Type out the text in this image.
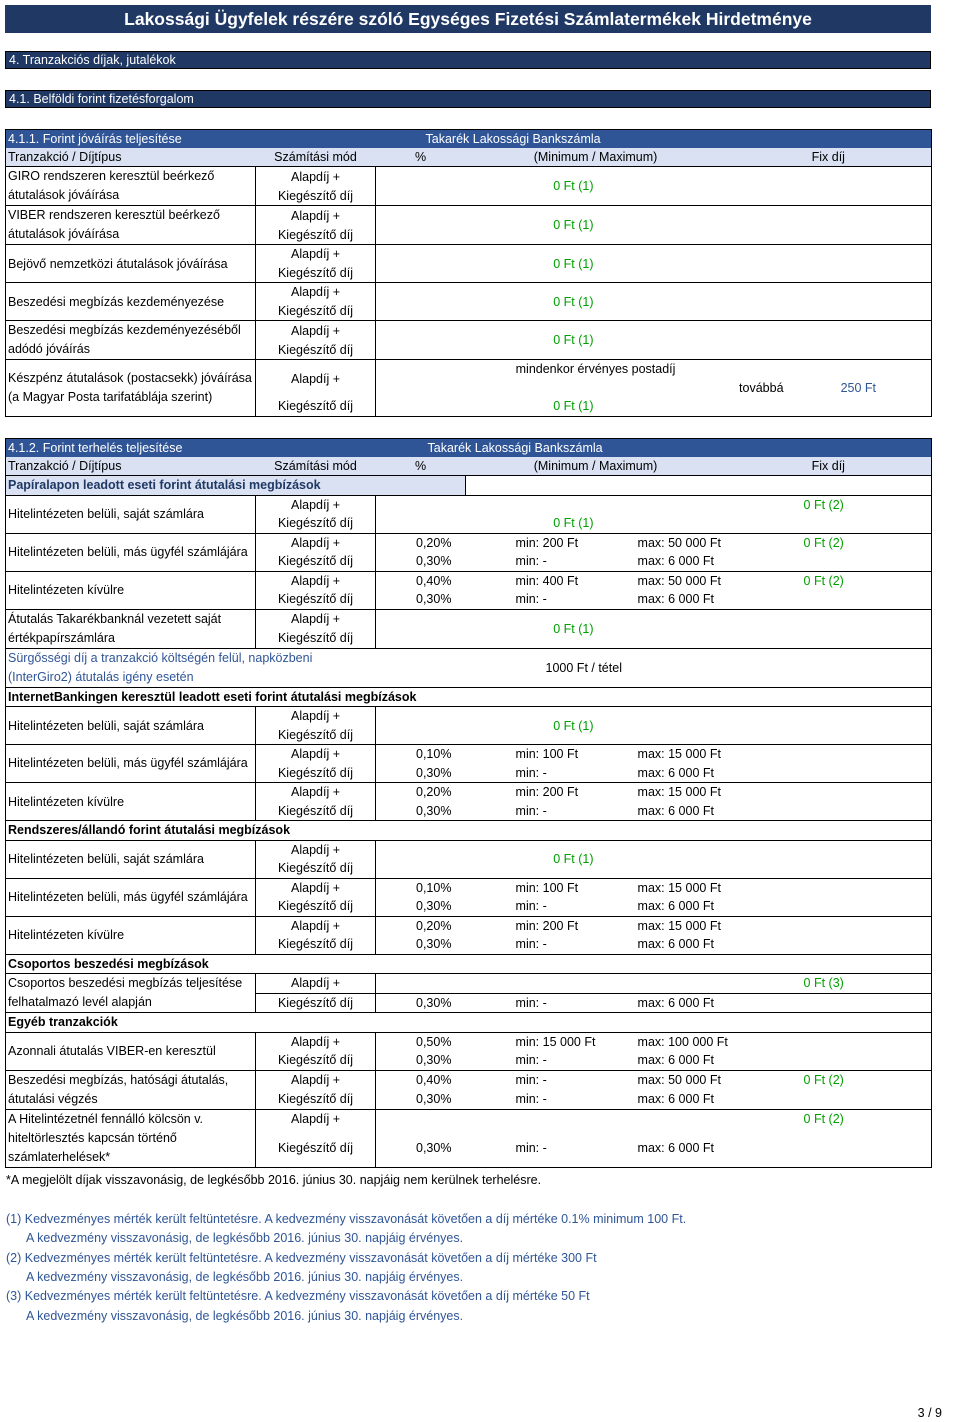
Lakossági Ügyfelek részére szóló Egységes Fizetési Számlatermékek Hirdetménye
4. Tranzakciós díjak, jutalékok
4.1. Belföldi forint fizetésforgalom
4.1.1. Forint jóváírás teljesítése			Takarék Lakossági Bankszámla			
Tranzakció / Díjtípus	Számítási mód	%	(Minimum / Maximum)		Fix díj	
GIRO rendszeren keresztül beérkező átutalások jóváírása	Alapdíj +	0 Ft (1)				
	Kiegészítő díj					
VIBER rendszeren keresztül beérkező átutalások jóváírása	Alapdíj +	0 Ft (1)				
	Kiegészítő díj					
Bejövő nemzetközi átutalások jóváírása	Alapdíj +	0 Ft (1)				
	Kiegészítő díj					
Beszedési megbízás kezdeményezése	Alapdíj +	0 Ft (1)				
	Kiegészítő díj					
Beszedési megbízás kezdeményezéséből adódó jóváírás	Alapdíj +	0 Ft (1)				
	Kiegészítő díj					
Készpénz átutalások (postacsekk) jóváírása (a Magyar Posta tarifatáblája szerint)	Alapdíj +		mindenkor érvényes postadíj			
					továbbá	250 Ft
	Kiegészítő díj	0 Ft (1)				
4.1.2. Forint terhelés teljesítése			Takarék Lakossági Bankszámla			
Tranzakció / Díjtípus	Számítási mód	%	(Minimum / Maximum)		Fix díj	
Papíralapon leadott eseti forint átutalási megbízások						
Hitelintézeten belüli, saját számlára	Alapdíj +					0 Ft (2)
	Kiegészítő díj	0 Ft (1)				
Hitelintézeten belüli, más ügyfél számlájára	Alapdíj +	0,20%	min: 200 Ft	max: 50 000 Ft		0 Ft (2)
	Kiegészítő díj	0,30%	min: -	max: 6 000 Ft		
Hitelintézeten kívülre	Alapdíj +	0,40%	min: 400 Ft	max: 50 000 Ft		0 Ft (2)
	Kiegészítő díj	0,30%	min: -	max: 6 000 Ft		
Átutalás Takarékbanknál vezetett saját értékpapírszámlára	Alapdíj +	0 Ft (1)				
	Kiegészítő díj					
Sürgősségi díj a tranzakció költségén felül, napközbeni (InterGiro2) átutalás igény esetén			1000 Ft / tétel			

InternetBankingen keresztül leadott eseti forint átutalási megbízások						
Hitelintézeten belüli, saját számlára	Alapdíj +	0 Ft (1)				
	Kiegészítő díj					
Hitelintézeten belüli, más ügyfél számlájára	Alapdíj +	0,10%	min: 100 Ft	max: 15 000 Ft		
	Kiegészítő díj	0,30%	min: -	max: 6 000 Ft		
Hitelintézeten kívülre	Alapdíj +	0,20%	min: 200 Ft	max: 15 000 Ft		
	Kiegészítő díj	0,30%	min: -	max: 6 000 Ft		
Rendszeres/állandó forint átutalási megbízások						
Hitelintézeten belüli, saját számlára	Alapdíj +	0 Ft (1)				
	Kiegészítő díj					
Hitelintézeten belüli, más ügyfél számlájára	Alapdíj +	0,10%	min: 100 Ft	max: 15 000 Ft		
	Kiegészítő díj	0,30%	min: -	max: 6 000 Ft		
Hitelintézeten kívülre	Alapdíj +	0,20%	min: 200 Ft	max: 15 000 Ft		
	Kiegészítő díj	0,30%	min: -	max: 6 000 Ft		
Csoportos beszedési megbízások						
Csoportos beszedési megbízás teljesítése felhatalmazó levél alapján	Alapdíj +					0 Ft (3)
	Kiegészítő díj	0,30%	min: -	max: 6 000 Ft		
Egyéb tranzakciók						
Azonnali átutalás VIBER-en keresztül	Alapdíj +	0,50%	min: 15 000 Ft	max: 100 000 Ft		
	Kiegészítő díj	0,30%	min: -	max: 6 000 Ft		
Beszedési megbízás, hatósági átutalás, átutalási végzés	Alapdíj +	0,40%	min: -	max: 50 000 Ft		0 Ft (2)
	Kiegészítő díj	0,30%	min: -	max: 6 000 Ft		
A Hitelintézetnél fennálló kölcsön v. hiteltörlesztés kapcsán történő számlaterhelések*	Alapdíj +					0 Ft (2)
	Kiegészítő díj	0,30%	min: -	max: 6 000 Ft		
*A megjelölt díjak visszavonásig, de legkésőbb 2016. június 30. napjáig nem kerülnek terhelésre.
(1) Kedvezményes mérték került feltüntetésre. A kedvezmény visszavonását követően a díj mértéke 0.1% minimum 100 Ft.
A kedvezmény visszavonásig, de legkésőbb 2016. június 30. napjáig érvényes.
(2) Kedvezményes mérték került feltüntetésre. A kedvezmény visszavonását követően a díj mértéke 300 Ft
A kedvezmény visszavonásig, de legkésőbb 2016. június 30. napjáig érvényes.
(3) Kedvezményes mérték került feltüntetésre. A kedvezmény visszavonását követően a díj mértéke 50 Ft
A kedvezmény visszavonásig, de legkésőbb 2016. június 30. napjáig érvényes.
3 / 9
